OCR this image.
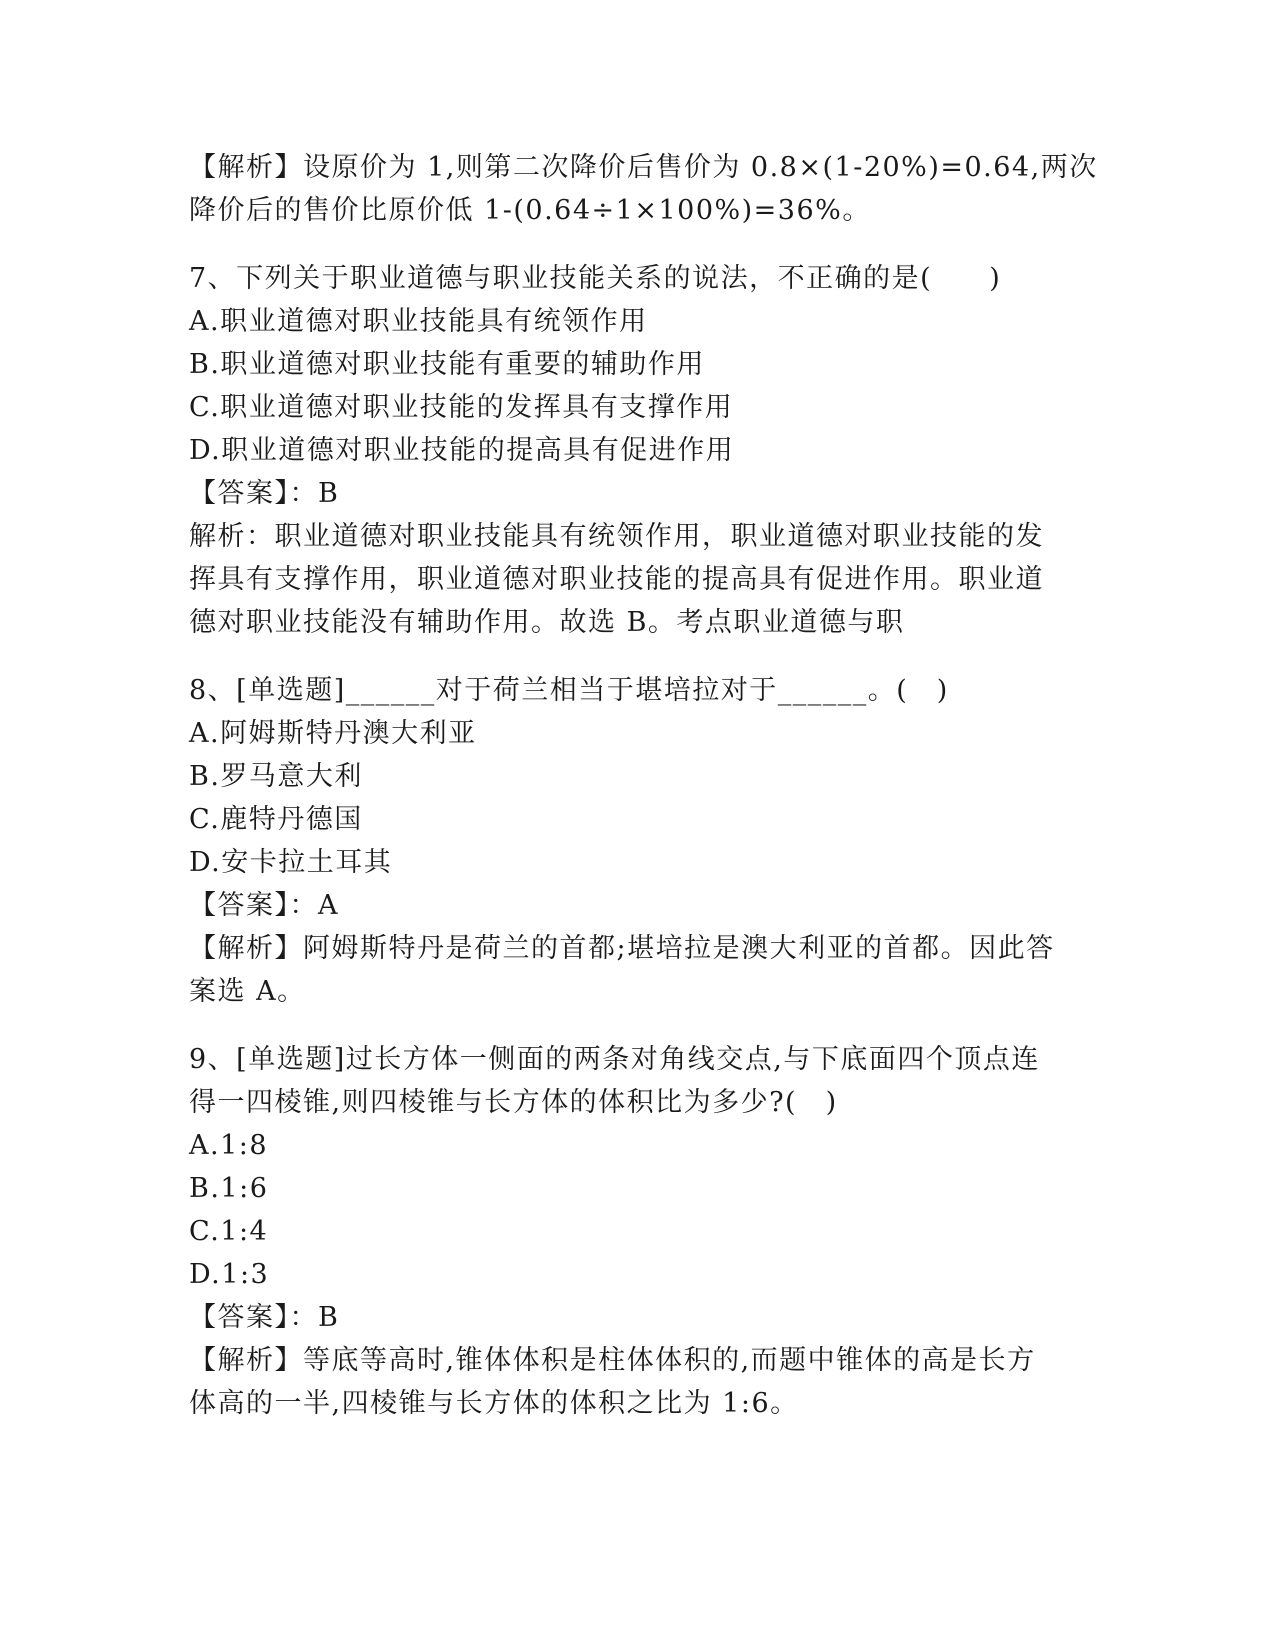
【解析】设原价为 1,则第二次降价后售价为 0.8×(1-20%)=0.64,两次
降价后的售价比原价低 1-(0.64÷1×100%)=36%。
7、下列关于职业道德与职业技能关系的说法，不正确的是(　　)
A.职业道德对职业技能具有统领作用
B.职业道德对职业技能有重要的辅助作用
C.职业道德对职业技能的发挥具有支撑作用
D.职业道德对职业技能的提高具有促进作用
【答案】：B
解析：职业道德对职业技能具有统领作用，职业道德对职业技能的发
挥具有支撑作用，职业道德对职业技能的提高具有促进作用。职业道
德对职业技能没有辅助作用。故选 B。考点职业道德与职
8、[单选题]______对于荷兰相当于堪培拉对于______。(　)
A.阿姆斯特丹澳大利亚
B.罗马意大利
C.鹿特丹德国
D.安卡拉土耳其
【答案】：A
【解析】阿姆斯特丹是荷兰的首都;堪培拉是澳大利亚的首都。因此答
案选 A。
9、[单选题]过长方体一侧面的两条对角线交点,与下底面四个顶点连
得一四棱锥,则四棱锥与长方体的体积比为多少?(　)
A.1:8
B.1:6
C.1:4
D.1:3
【答案】：B
【解析】等底等高时,锥体体积是柱体体积的,而题中锥体的高是长方
体高的一半,四棱锥与长方体的体积之比为 1:6。
